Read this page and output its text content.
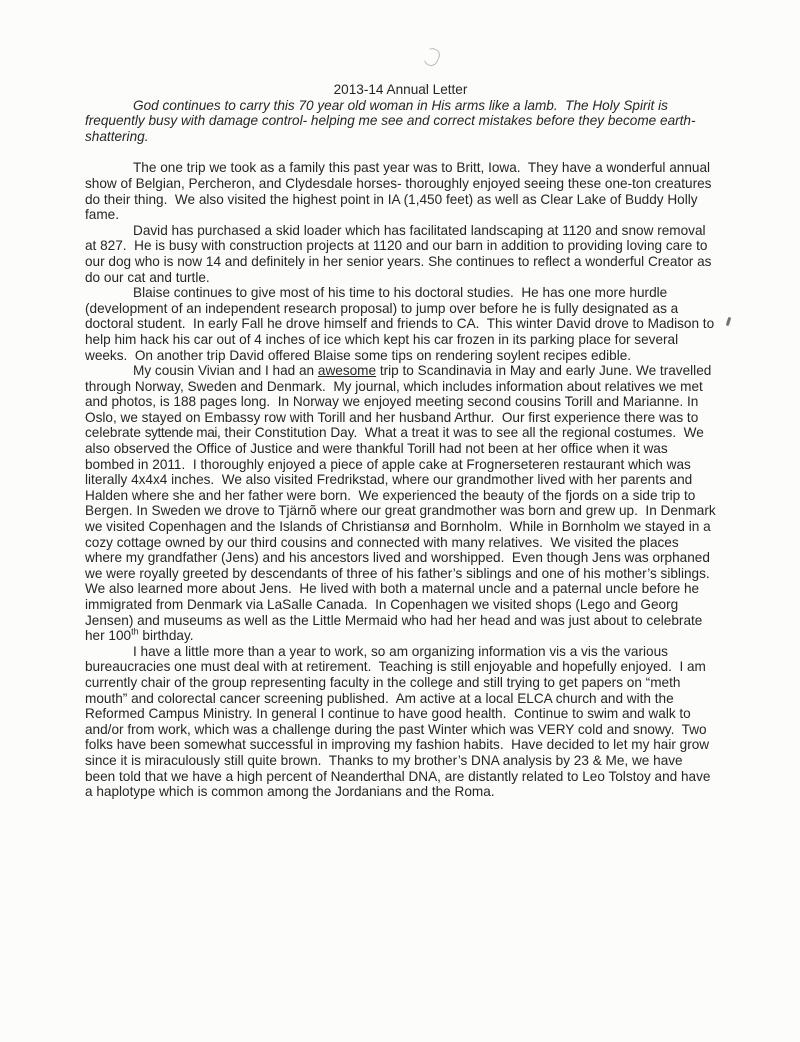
2013-14 Annual Letter

God continues to carry this 70 year old woman in His arms like a lamb.  The Holy Spirit is frequently busy with damage control- helping me see and correct mistakes before they become earth-shattering.

The one trip we took as a family this past year was to Britt, Iowa.  They have a wonderful annual show of Belgian, Percheron, and Clydesdale horses- thoroughly enjoyed seeing these one-ton creatures do their thing.  We also visited the highest point in IA (1,450 feet) as well as Clear Lake of Buddy Holly fame.

David has purchased a skid loader which has facilitated landscaping at 1120 and snow removal at 827.  He is busy with construction projects at 1120 and our barn in addition to providing loving care to our dog who is now 14 and definitely in her senior years. She continues to reflect a wonderful Creator as do our cat and turtle.

Blaise continues to give most of his time to his doctoral studies.  He has one more hurdle (development of an independent research proposal) to jump over before he is fully designated as a doctoral student.  In early Fall he drove himself and friends to CA.  This winter David drove to Madison to help him hack his car out of 4 inches of ice which kept his car frozen in its parking place for several weeks.  On another trip David offered Blaise some tips on rendering soylent recipes edible.

My cousin Vivian and I had an awesome trip to Scandinavia in May and early June. We travelled through Norway, Sweden and Denmark.  My journal, which includes information about relatives we met and photos, is 188 pages long.  In Norway we enjoyed meeting second cousins Torill and Marianne. In Oslo, we stayed on Embassy row with Torill and her husband Arthur.  Our first experience there was to celebrate syttende mai, their Constitution Day.  What a treat it was to see all the regional costumes.  We also observed the Office of Justice and were thankful Torill had not been at her office when it was bombed in 2011.  I thoroughly enjoyed a piece of apple cake at Frognerseteren restaurant which was literally 4x4x4 inches.  We also visited Fredrikstad, where our grandmother lived with her parents and Halden where she and her father were born.  We experienced the beauty of the fjords on a side trip to Bergen. In Sweden we drove to Tjärnõ where our great grandmother was born and grew up.  In Denmark we visited Copenhagen and the Islands of Christiansø and Bornholm.  While in Bornholm we stayed in a cozy cottage owned by our third cousins and connected with many relatives.  We visited the places where my grandfather (Jens) and his ancestors lived and worshipped.  Even though Jens was orphaned we were royally greeted by descendants of three of his father’s siblings and one of his mother’s siblings. We also learned more about Jens.  He lived with both a maternal uncle and a paternal uncle before he immigrated from Denmark via LaSalle Canada.  In Copenhagen we visited shops (Lego and Georg Jensen) and museums as well as the Little Mermaid who had her head and was just about to celebrate her 100th birthday.

I have a little more than a year to work, so am organizing information vis a vis the various bureaucracies one must deal with at retirement.  Teaching is still enjoyable and hopefully enjoyed.  I am currently chair of the group representing faculty in the college and still trying to get papers on “meth mouth” and colorectal cancer screening published.  Am active at a local ELCA church and with the Reformed Campus Ministry. In general I continue to have good health.  Continue to swim and walk to and/or from work, which was a challenge during the past Winter which was VERY cold and snowy.  Two folks have been somewhat successful in improving my fashion habits.  Have decided to let my hair grow since it is miraculously still quite brown.  Thanks to my brother’s DNA analysis by 23 & Me, we have been told that we have a high percent of Neanderthal DNA, are distantly related to Leo Tolstoy and have a haplotype which is common among the Jordanians and the Roma.
